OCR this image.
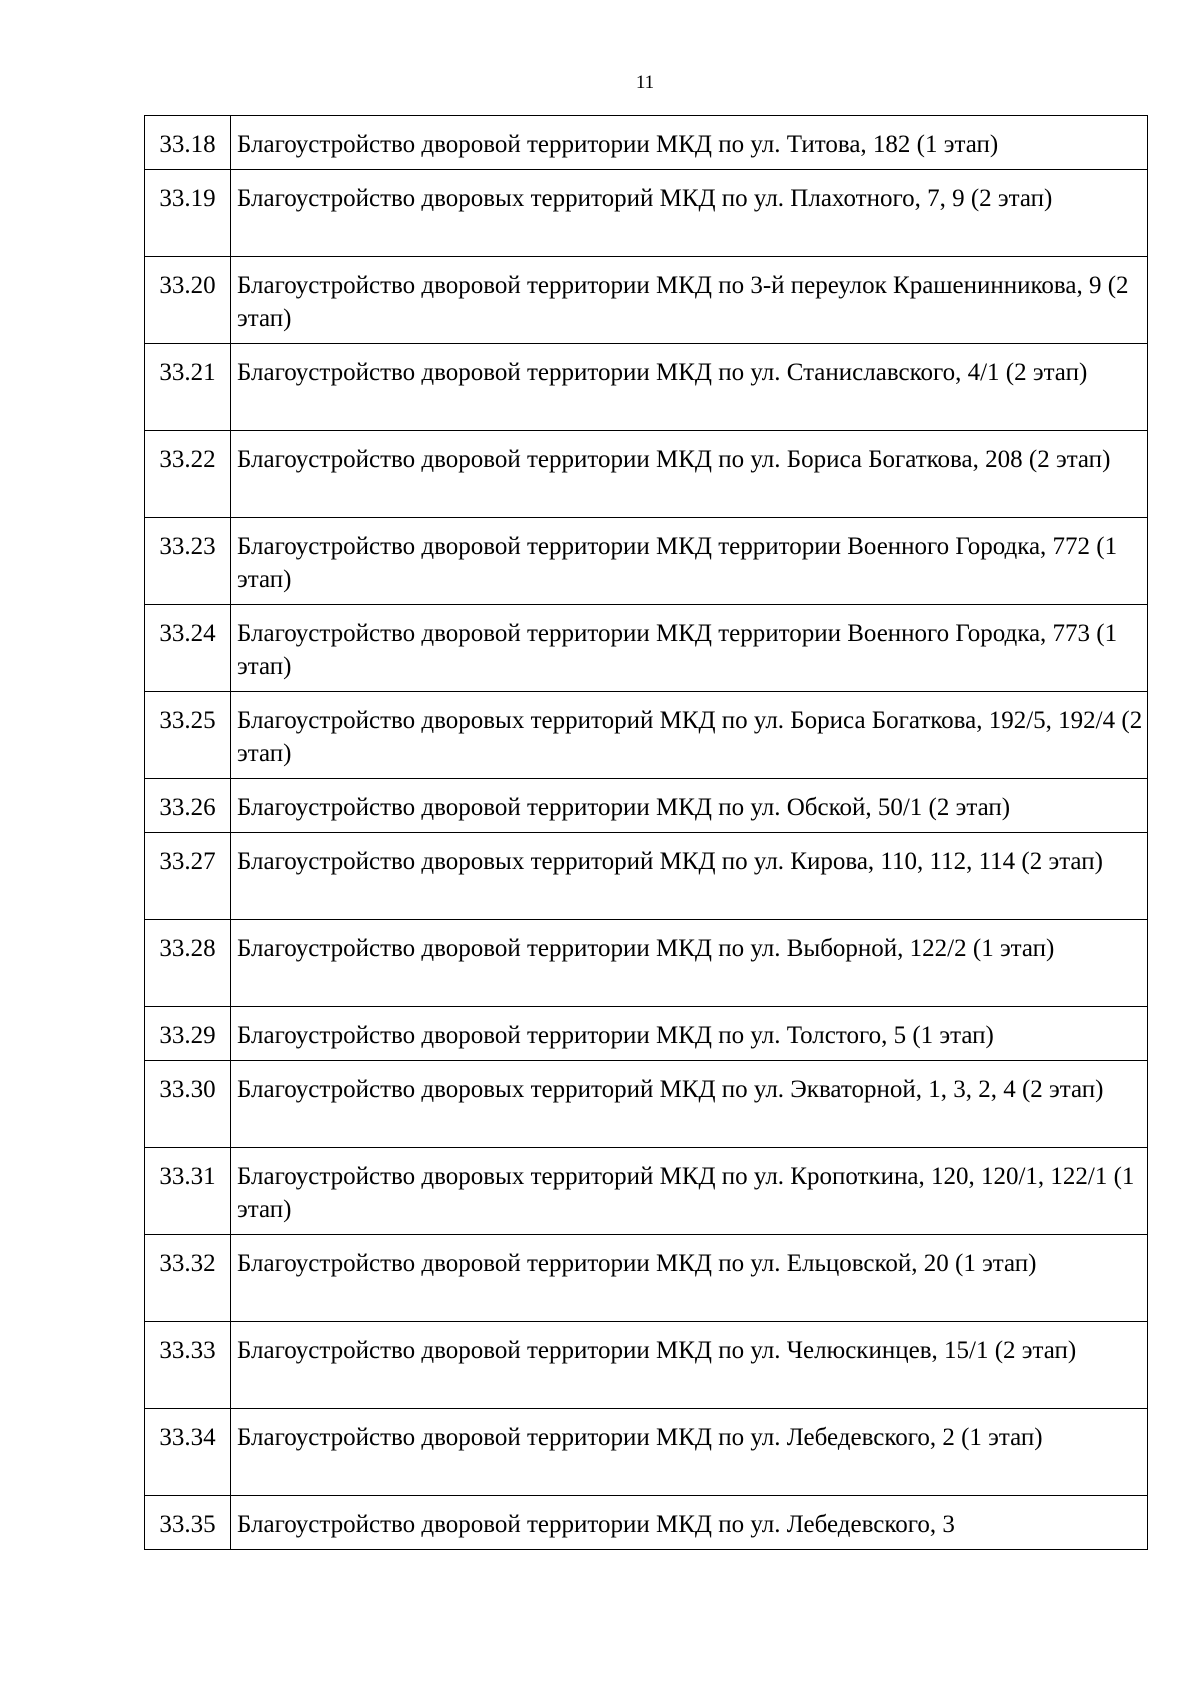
11
33.18	Благоустройство дворовой территории МКД по ул. Титова, 182 (1 этап)
33.19	Благоустройство дворовых территорий МКД по ул. Плахотного, 7, 9 (2 этап)
33.20	Благоустройство дворовой территории МКД по 3-й переулок Крашенинникова, 9 (2 этап)
33.21	Благоустройство дворовой территории МКД по ул. Станиславского, 4/1 (2 этап)
33.22	Благоустройство дворовой территории МКД по ул. Бориса Богаткова, 208 (2 этап)
33.23	Благоустройство дворовой территории МКД территории Военного Городка, 772 (1 этап)
33.24	Благоустройство дворовой территории МКД территории Военного Городка, 773 (1 этап)
33.25	Благоустройство дворовых территорий МКД по ул. Бориса Богаткова, 192/5, 192/4 (2 этап)
33.26	Благоустройство дворовой территории МКД по ул. Обской, 50/1 (2 этап)
33.27	Благоустройство дворовых территорий МКД по ул. Кирова, 110, 112, 114 (2 этап)
33.28	Благоустройство дворовой территории МКД по ул. Выборной, 122/2 (1 этап)
33.29	Благоустройство дворовой территории МКД по ул. Толстого, 5 (1 этап)
33.30	Благоустройство дворовых территорий МКД по ул. Экваторной, 1, 3, 2, 4 (2 этап)
33.31	Благоустройство дворовых территорий МКД по ул. Кропоткина, 120, 120/1, 122/1 (1 этап)
33.32	Благоустройство дворовой территории МКД по ул. Ельцовской, 20 (1 этап)
33.33	Благоустройство дворовой территории МКД по ул. Челюскинцев, 15/1 (2 этап)
33.34	Благоустройство дворовой территории МКД по ул. Лебедевского, 2 (1 этап)
33.35	Благоустройство дворовой территории МКД по ул. Лебедевского, 3
